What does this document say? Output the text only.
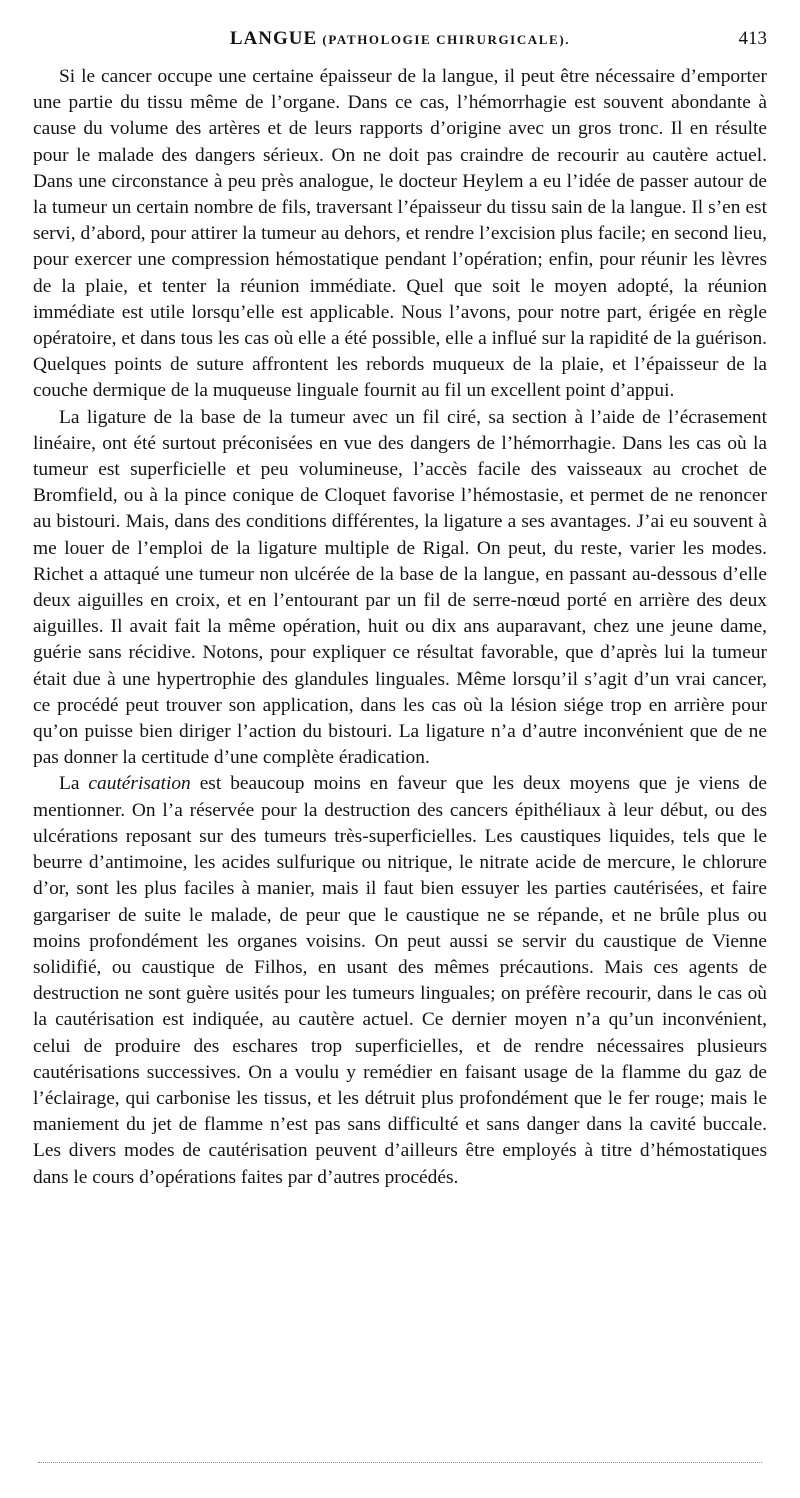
LANGUE (PATHOLOGIE CHIRURGICALE).	413

Si le cancer occupe une certaine épaisseur de la langue, il peut être nécessaire d’emporter une partie du tissu même de l’organe. Dans ce cas, l’hémorrhagie est souvent abondante à cause du volume des artères et de leurs rapports d’origine avec un gros tronc. Il en résulte pour le malade des dangers sérieux. On ne doit pas craindre de recourir au cautère actuel. Dans une circonstance à peu près analogue, le docteur Heylem a eu l’idée de passer autour de la tumeur un certain nombre de fils, traversant l’épaisseur du tissu sain de la langue. Il s’en est servi, d’abord, pour attirer la tumeur au dehors, et rendre l’excision plus facile; en second lieu, pour exercer une compression hémostatique pendant l’opération; enfin, pour réunir les lèvres de la plaie, et tenter la réunion immédiate. Quel que soit le moyen adopté, la réunion immédiate est utile lorsqu’elle est applicable. Nous l’avons, pour notre part, érigée en règle opératoire, et dans tous les cas où elle a été possible, elle a influé sur la rapidité de la guérison. Quelques points de suture affrontent les rebords muqueux de la plaie, et l’épaisseur de la couche dermique de la muqueuse linguale fournit au fil un excellent point d’appui.

La ligature de la base de la tumeur avec un fil ciré, sa section à l’aide de l’écrasement linéaire, ont été surtout préconisées en vue des dangers de l’hémorrhagie. Dans les cas où la tumeur est superficielle et peu volumineuse, l’accès facile des vaisseaux au crochet de Bromfield, ou à la pince conique de Cloquet favorise l’hémostasie, et permet de ne renoncer au bistouri. Mais, dans des conditions différentes, la ligature a ses avantages. J’ai eu souvent à me louer de l’emploi de la ligature multiple de Rigal. On peut, du reste, varier les modes. Richet a attaqué une tumeur non ulcérée de la base de la langue, en passant au-dessous d’elle deux aiguilles en croix, et en l’entourant par un fil de serre-nœud porté en arrière des deux aiguilles. Il avait fait la même opération, huit ou dix ans auparavant, chez une jeune dame, guérie sans récidive. Notons, pour expliquer ce résultat favorable, que d’après lui la tumeur était due à une hypertrophie des glandules linguales. Même lorsqu’il s’agit d’un vrai cancer, ce procédé peut trouver son application, dans les cas où la lésion siége trop en arrière pour qu’on puisse bien diriger l’action du bistouri. La ligature n’a d’autre inconvénient que de ne pas donner la certitude d’une complète éradication.

La cautérisation est beaucoup moins en faveur que les deux moyens que je viens de mentionner. On l’a réservée pour la destruction des cancers épithéliaux à leur début, ou des ulcérations reposant sur des tumeurs très-superficielles. Les caustiques liquides, tels que le beurre d’antimoine, les acides sulfurique ou nitrique, le nitrate acide de mercure, le chlorure d’or, sont les plus faciles à manier, mais il faut bien essuyer les parties cautérisées, et faire gargariser de suite le malade, de peur que le caustique ne se répande, et ne brûle plus ou moins profondément les organes voisins. On peut aussi se servir du caustique de Vienne solidifié, ou caustique de Filhos, en usant des mêmes précautions. Mais ces agents de destruction ne sont guère usités pour les tumeurs linguales; on préfère recourir, dans le cas où la cautérisation est indiquée, au cautère actuel. Ce dernier moyen n’a qu’un inconvénient, celui de produire des eschares trop superficielles, et de rendre nécessaires plusieurs cautérisations successives. On a voulu y remédier en faisant usage de la flamme du gaz de l’éclairage, qui carbonise les tissus, et les détruit plus profondément que le fer rouge; mais le maniement du jet de flamme n’est pas sans difficulté et sans danger dans la cavité buccale. Les divers modes de cautérisation peuvent d’ailleurs être employés à titre d’hémostatiques dans le cours d’opérations faites par d’autres procédés.
